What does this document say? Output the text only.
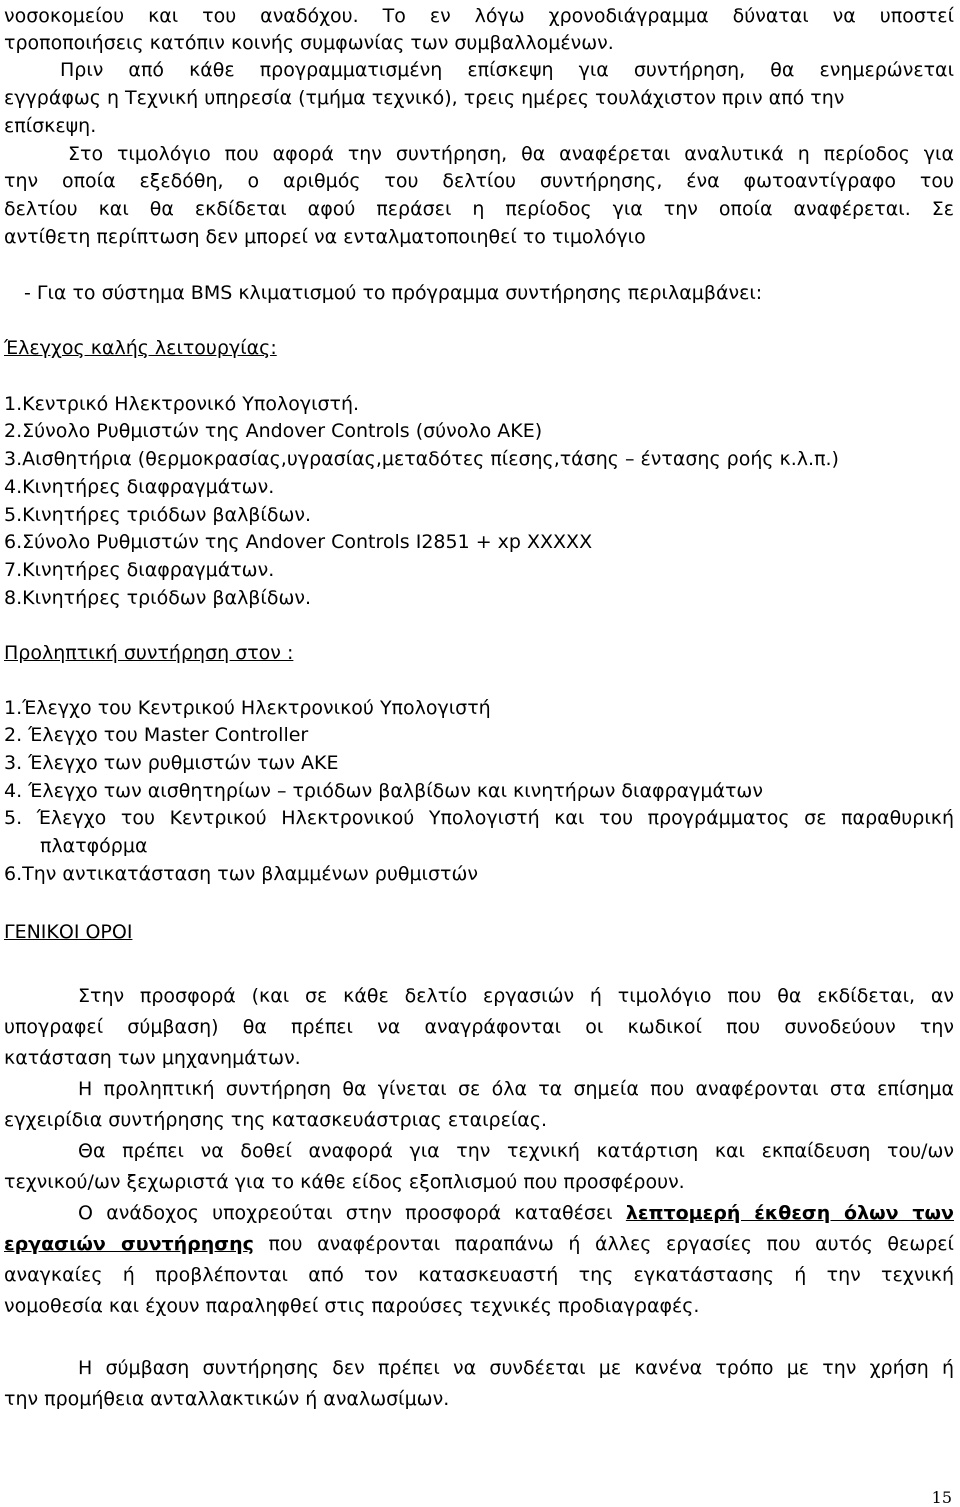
νοσοκομείου και του αναδόχου. Το εν λόγω χρονοδιάγραμμα δύναται να υποστεί
τροποποιήσεις κατόπιν κοινής συμφωνίας των συμβαλλομένων.
Πριν από κάθε προγραμματισμένη επίσκεψη για συντήρηση, θα ενημερώνεται
εγγράφως η Τεχνική υπηρεσία (τμήμα τεχνικό), τρεις ημέρες τουλάχιστον πριν από την
επίσκεψη.
Στο τιμολόγιο που αφορά την συντήρηση, θα αναφέρεται αναλυτικά η περίοδος για
την οποία εξεδόθη, ο αριθμός του δελτίου συντήρησης, ένα φωτοαντίγραφο του
δελτίου και θα εκδίδεται αφού περάσει η περίοδος για την οποία αναφέρεται. Σε
αντίθετη περίπτωση δεν μπορεί να ενταλματοποιηθεί το τιμολόγιο
- Για το σύστημα BMS κλιματισμού το πρόγραμμα συντήρησης περιλαμβάνει:
Έλεγχος καλής λειτουργίας:
1.Κεντρικό Ηλεκτρονικό Υπολογιστή.
2.Σύνολο Ρυθμιστών της Andover Controls (σύνολο AKE)
3.Αισθητήρια (θερμοκρασίας,υγρασίας,μεταδότες πίεσης,τάσης – έντασης ροής κ.λ.π.)
4.Κινητήρες διαφραγμάτων.
5.Κινητήρες τριόδων βαλβίδων.
6.Σύνολο Ρυθμιστών της Andover Controls I2851 + xp XXXXX
7.Κινητήρες διαφραγμάτων.
8.Κινητήρες τριόδων βαλβίδων.
Προληπτική συντήρηση στον :
1.Έλεγχο του Κεντρικού Ηλεκτρονικού Υπολογιστή
2. Έλεγχο του Master Controller
3. Έλεγχο των ρυθμιστών των AKE
4. Έλεγχο των αισθητηρίων – τριόδων βαλβίδων και κινητήρων διαφραγμάτων
5. Έλεγχο του Κεντρικού Ηλεκτρονικού Υπολογιστή και του προγράμματος σε παραθυρική
πλατφόρμα
6.Την αντικατάσταση των βλαμμένων ρυθμιστών
ΓΕΝΙΚΟΙ ΟΡΟΙ
Στην προσφορά (και σε κάθε δελτίο εργασιών ή τιμολόγιο που θα εκδίδεται, αν
υπογραφεί σύμβαση) θα πρέπει να αναγράφονται οι κωδικοί που συνοδεύουν την
κατάσταση των μηχανημάτων.
Η προληπτική συντήρηση θα γίνεται σε όλα τα σημεία που αναφέρονται στα επίσημα
εγχειρίδια συντήρησης της κατασκευάστριας εταιρείας.
Θα πρέπει να δοθεί αναφορά για την τεχνική κατάρτιση και εκπαίδευση του/ων
τεχνικού/ων ξεχωριστά για το κάθε είδος εξοπλισμού που προσφέρουν.
Ο ανάδοχος υποχρεούται στην προσφορά καταθέσει λεπτομερή έκθεση όλων των
εργασιών συντήρησης που αναφέρονται παραπάνω ή άλλες εργασίες που αυτός θεωρεί
αναγκαίες ή προβλέπονται από τον κατασκευαστή της εγκατάστασης ή την τεχνική
νομοθεσία και έχουν παραληφθεί στις παρούσες τεχνικές προδιαγραφές.
Η σύμβαση συντήρησης δεν πρέπει να συνδέεται με κανένα τρόπο με την χρήση ή
την προμήθεια ανταλλακτικών ή αναλωσίμων.
15
